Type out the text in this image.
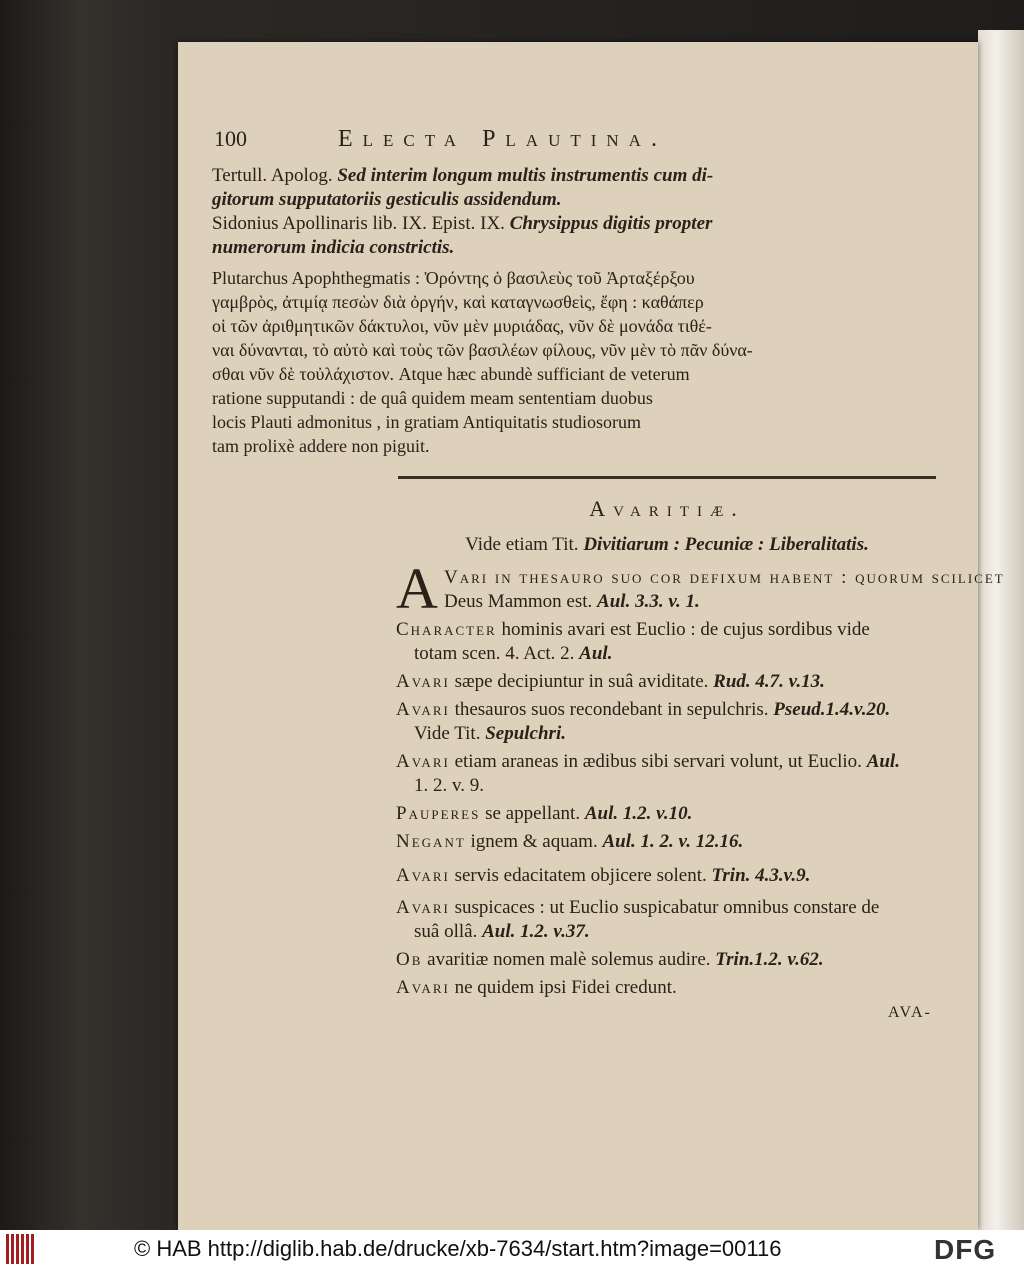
100	Electa Plautina.
Tertull. Apolog. Sed interim longum multis instrumentis cum di-
gitorum supputatoriis gesticulis assidendum.
Sidonius Apollinaris lib. IX. Epist. IX. Chrysippus digitis propter
numerorum indicia constrictis.
Plutarchus Apophthegmatis : Ὀρόντης ὁ βασιλεὺς τοῦ Ἀρταξέρξου
γαμβρὸς, ἀτιμίᾳ πεσὼν διὰ ὀργήν, καὶ καταγνωσθεὶς, ἔφη : καθάπερ
οἱ τῶν ἀριθμητικῶν δάκτυλοι, νῦν μὲν μυριάδας, νῦν δὲ μονάδα τιθέ-
ναι δύνανται, τὸ αὐτὸ καὶ τοὺς τῶν βασιλέων φίλους, νῦν μὲν τὸ πᾶν δύνα-
σθαι νῦν δὲ τοὐλάχιστον. Atque hæc abundè sufficiant de veterum
ratione supputandi : de quâ quidem meam sententiam duobus
locis Plauti admonitus , in gratiam Antiquitatis studiosorum
tam prolixè addere non piguit.
Avaritiæ.
Vide etiam Tit. Divitiarum : Pecuniæ : Liberalitatis.
A Vari in thesauro suo cor defixum habent : quorum scilicet
Deus Mammon est. Aul. 3.3. v. 1.
Character hominis avari est Euclio : de cujus sordibus vide
totam scen. 4. Act. 2. Aul.
Avari sæpe decipiuntur in suâ aviditate. Rud. 4.7. v.13.
Avari thesauros suos recondebant in sepulchris. Pseud.1.4.v.20.
Vide Tit. Sepulchri.
Avari etiam araneas in ædibus sibi servari volunt, ut Euclio. Aul.
1. 2. v. 9.
Pauperes se appellant. Aul. 1.2. v.10.
Negant ignem & aquam. Aul. 1. 2. v. 12.16.
Avari servis edacitatem objicere solent. Trin. 4.3.v.9.
Avari suspicaces : ut Euclio suspicabatur omnibus constare de
suâ ollâ. Aul. 1.2. v.37.
Ob avaritiæ nomen malè solemus audire. Trin.1.2. v.62.
Avari ne quidem ipsi Fidei credunt.
AVA-
© HAB http://diglib.hab.de/drucke/xb-7634/start.htm?image=00116	DFG
